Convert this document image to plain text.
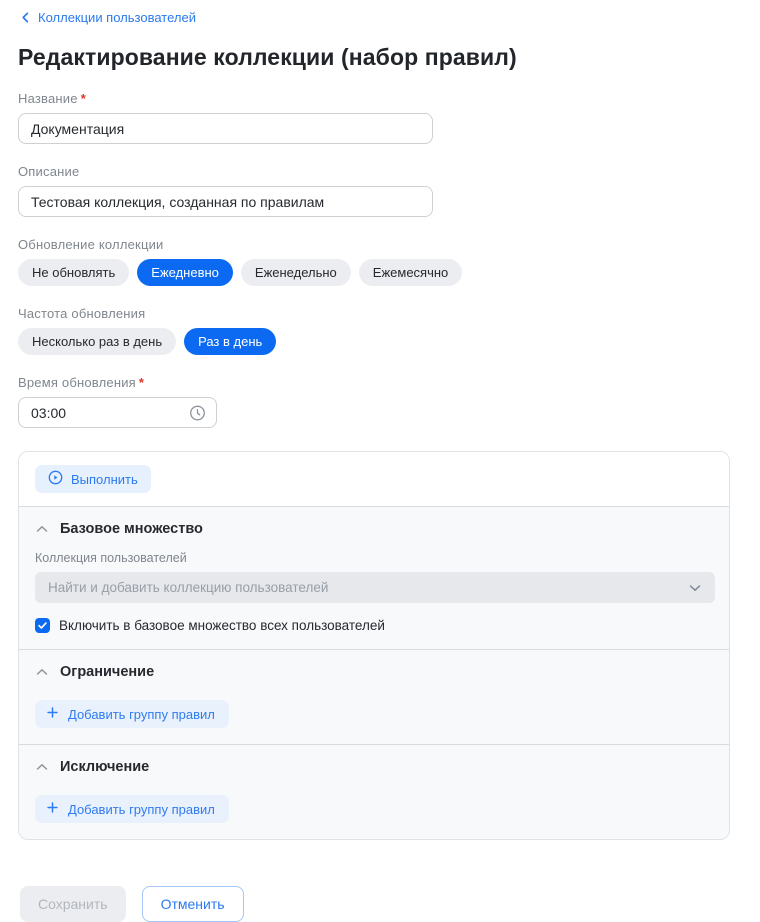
Коллекции пользователей
Редактирование коллекции (набор правил)
Название *
Документация
Описание
Тестовая коллекция, созданная по правилам
Обновление коллекции
Не обновлять	Ежедневно	Еженедельно	Ежемесячно
Частота обновления
Несколько раз в день	Раз в день
Время обновления *
03:00
Выполнить
Базовое множество
Коллекция пользователей
Найти и добавить коллекцию пользователей
Включить в базовое множество всех пользователей
Ограничение
Добавить группу правил
Исключение
Добавить группу правил
Сохранить	Отменить
